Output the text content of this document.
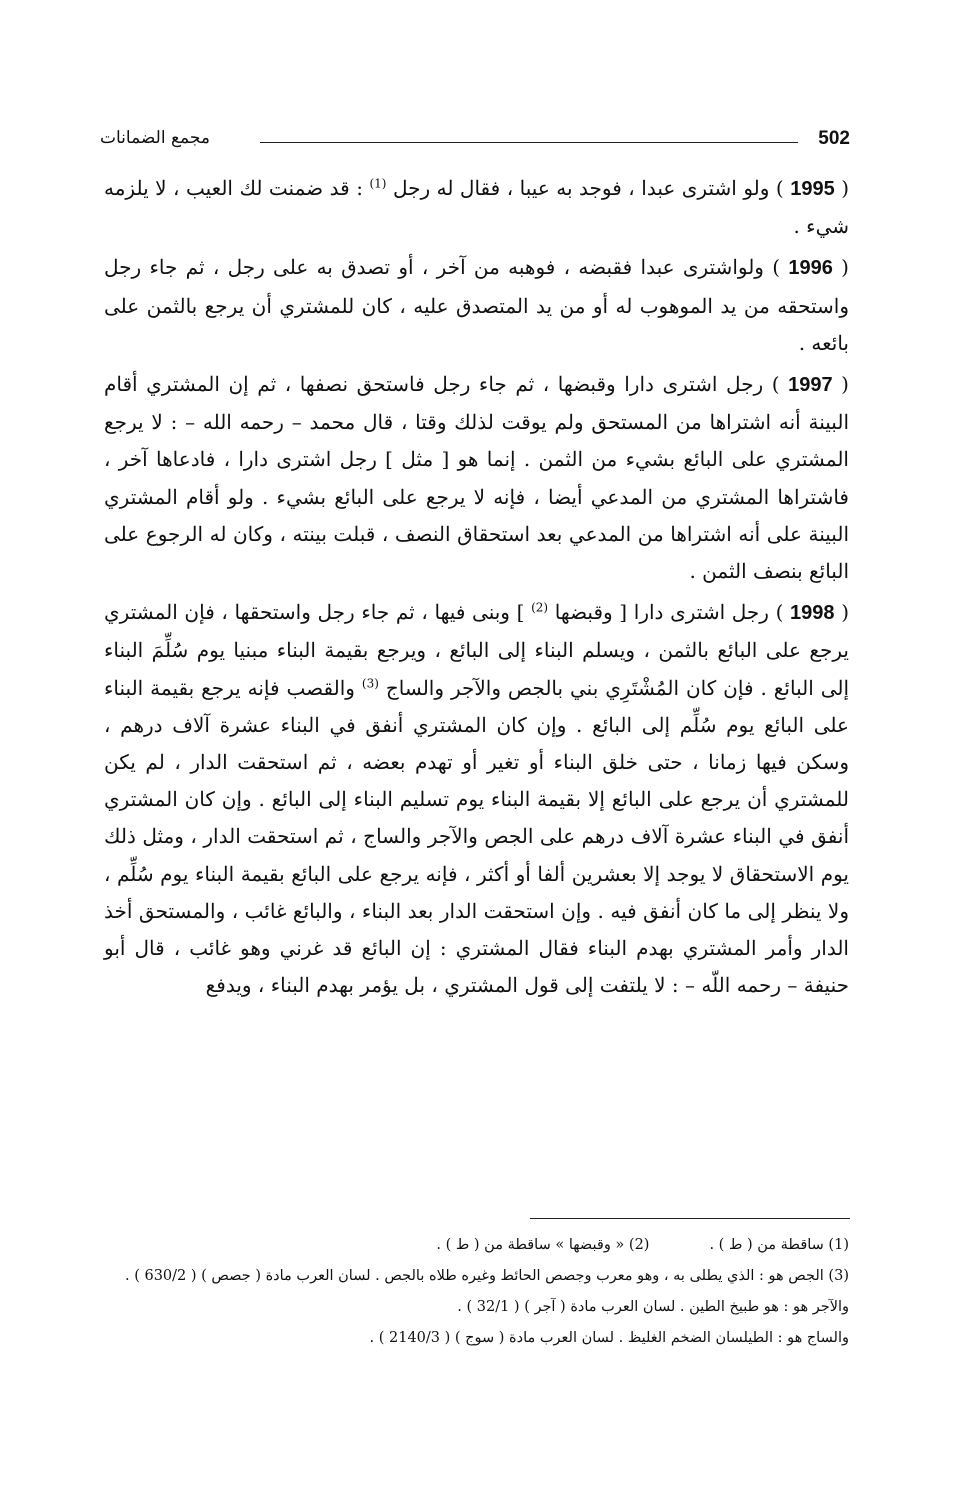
502
مجمع الضمانات

( 1995 ) ولو اشترى عبدا ، فوجد به عيبا ، فقال له رجل $^{(1)}$ : قد ضمنت لك العيب ، لا يلزمه شيء .

( 1996 ) ولواشترى عبدا فقبضه ، فوهبه من آخر ، أو تصدق به على رجل ، ثم جاء رجل واستحقه من يد الموهوب له أو من يد المتصدق عليه ، كان للمشتري أن يرجع بالثمن على بائعه .

( 1997 ) رجل اشترى دارا وقبضها ، ثم جاء رجل فاستحق نصفها ، ثم إن المشتري أقام البينة أنه اشتراها من المستحق ولم يوقت لذلك وقتا ، قال محمد – رحمه الله – : لا يرجع المشتري على البائع بشيء من الثمن . إنما هو [ مثل ] رجل اشترى دارا ، فادعاها آخر ، فاشتراها المشتري من المدعي أيضا ، فإنه لا يرجع على البائع بشيء . ولو أقام المشتري البينة على أنه اشتراها من المدعي بعد استحقاق النصف ، قبلت بينته ، وكان له الرجوع على البائع بنصف الثمن .

( 1998 ) رجل اشترى دارا [ وقبضها $^{(2)}$ ] وبنى فيها ، ثم جاء رجل واستحقها ، فإن المشتري يرجع على البائع بالثمن ، ويسلم البناء إلى البائع ، ويرجع بقيمة البناء مبنيا يوم سُلِّمَ البناء إلى البائع . فإن كان المُشْتَرِي بني بالجص والآجر والساج $^{(3)}$ والقصب فإنه يرجع بقيمة البناء على البائع يوم سُلِّم إلى البائع . وإن كان المشتري أنفق في البناء عشرة آلاف درهم ، وسكن فيها زمانا ، حتى خلق البناء أو تغير أو تهدم بعضه ، ثم استحقت الدار ، لم يكن للمشتري أن يرجع على البائع إلا بقيمة البناء يوم تسليم البناء إلى البائع . وإن كان المشتري أنفق في البناء عشرة آلاف درهم على الجص والآجر والساج ، ثم استحقت الدار ، ومثل ذلك يوم الاستحقاق لا يوجد إلا بعشرين ألفا أو أكثر ، فإنه يرجع على البائع بقيمة البناء يوم سُلِّم ، ولا ينظر إلى ما كان أنفق فيه . وإن استحقت الدار بعد البناء ، والبائع غائب ، والمستحق أخذ الدار وأمر المشتري بهدم البناء فقال المشتري : إن البائع قد غرني وهو غائب ، قال أبو حنيفة – رحمه اللّه – : لا يلتفت إلى قول المشتري ، بل يؤمر بهدم البناء ، ويدفع

(1) ساقطة من ( ط ) .(2) « وقبضها » ساقطة من ( ط ) .
(3) الجص هو : الذي يطلى به ، وهو معرب وجصص الحائط وغيره طلاه بالجص . لسان العرب مادة ( جصص ) ( 630/2 ) .
والآجر هو : هو طبيخ الطين . لسان العرب مادة ( آجر ) ( 32/1 ) .
والساج هو : الطيلسان الضخم الغليظ . لسان العرب مادة ( سوج ) ( 2140/3 ) .
